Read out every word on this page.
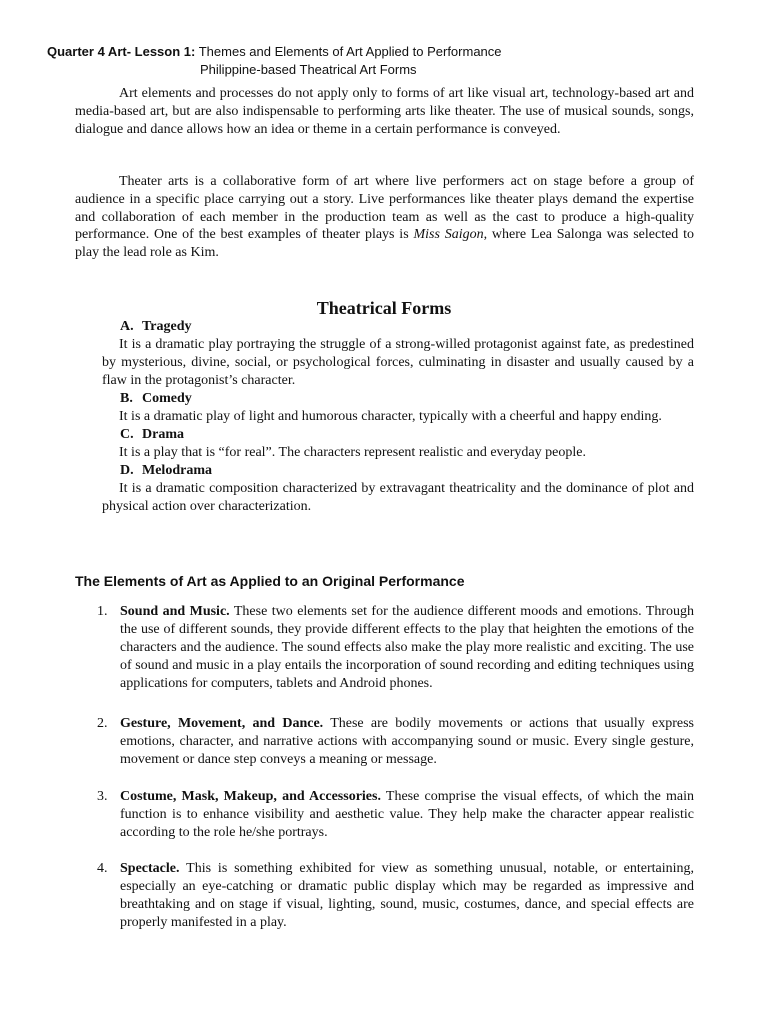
Quarter 4 Art- Lesson 1: Themes and Elements of Art Applied to Performance
Philippine-based Theatrical Art Forms
Art elements and processes do not apply only to forms of art like visual art, technology-based art and media-based art, but are also indispensable to performing arts like theater. The use of musical sounds, songs, dialogue and dance allows how an idea or theme in a certain performance is conveyed.
Theater arts is a collaborative form of art where live performers act on stage before a group of audience in a specific place carrying out a story. Live performances like theater plays demand the expertise and collaboration of each member in the production team as well as the cast to produce a high-quality performance. One of the best examples of theater plays is Miss Saigon, where Lea Salonga was selected to play the lead role as Kim.
Theatrical Forms
A. Tragedy
It is a dramatic play portraying the struggle of a strong-willed protagonist against fate, as predestined by mysterious, divine, social, or psychological forces, culminating in disaster and usually caused by a flaw in the protagonist’s character.
B. Comedy
It is a dramatic play of light and humorous character, typically with a cheerful and happy ending.
C. Drama
It is a play that is “for real”. The characters represent realistic and everyday people.
D. Melodrama
It is a dramatic composition characterized by extravagant theatricality and the dominance of plot and physical action over characterization.
The Elements of Art as Applied to an Original Performance
1. Sound and Music. These two elements set for the audience different moods and emotions. Through the use of different sounds, they provide different effects to the play that heighten the emotions of the characters and the audience. The sound effects also make the play more realistic and exciting. The use of sound and music in a play entails the incorporation of sound recording and editing techniques using applications for computers, tablets and Android phones.
2. Gesture, Movement, and Dance. These are bodily movements or actions that usually express emotions, character, and narrative actions with accompanying sound or music. Every single gesture, movement or dance step conveys a meaning or message.
3. Costume, Mask, Makeup, and Accessories. These comprise the visual effects, of which the main function is to enhance visibility and aesthetic value. They help make the character appear realistic according to the role he/she portrays.
4. Spectacle. This is something exhibited for view as something unusual, notable, or entertaining, especially an eye-catching or dramatic public display which may be regarded as impressive and breathtaking and on stage if visual, lighting, sound, music, costumes, dance, and special effects are properly manifested in a play.
